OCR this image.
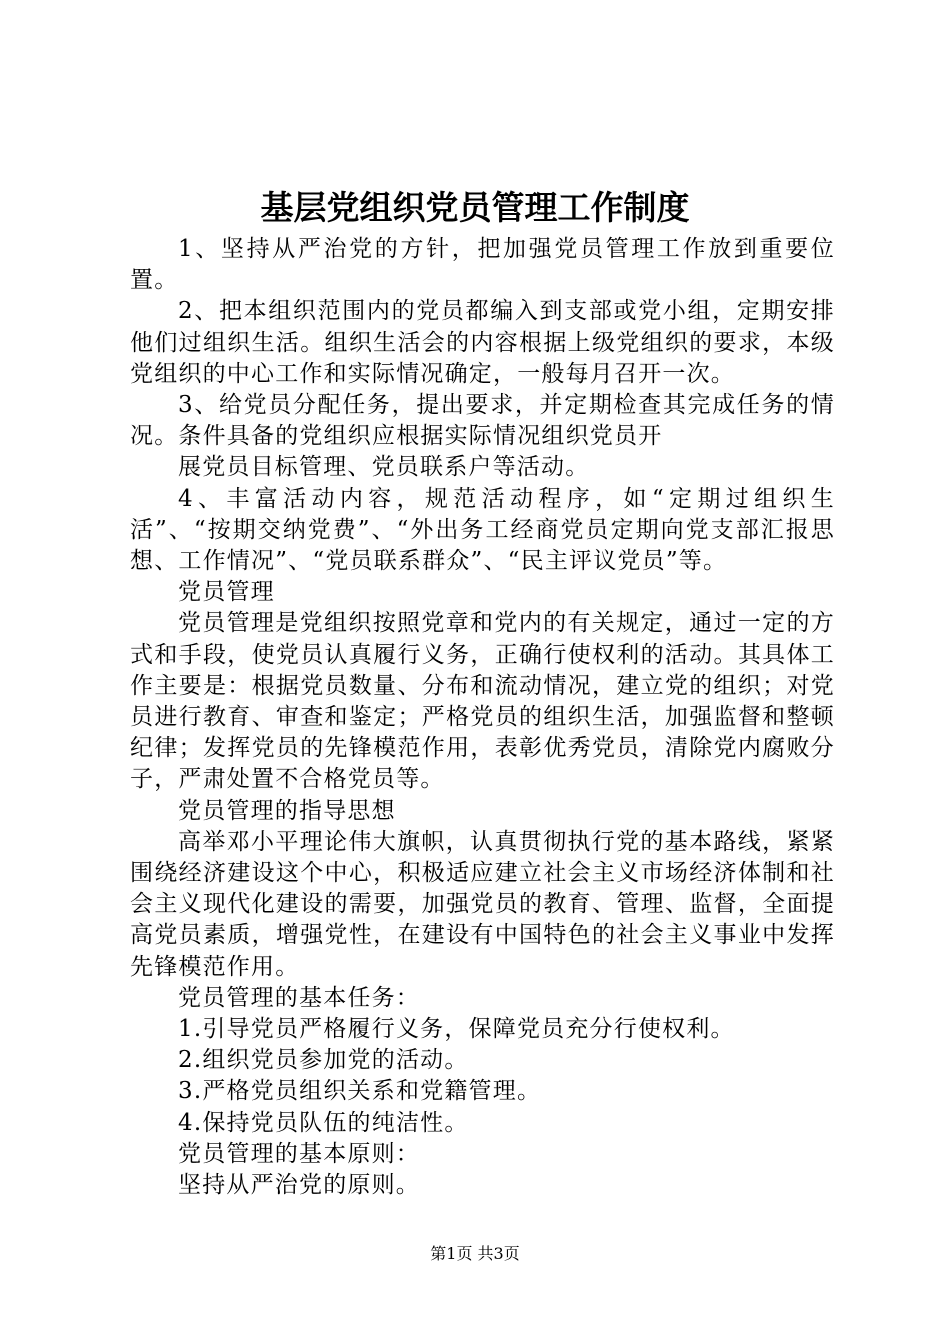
基层党组织党员管理工作制度

1、坚持从严治党的方针，把加强党员管理工作放到重要位置。

2、把本组织范围内的党员都编入到支部或党小组，定期安排他们过组织生活。组织生活会的内容根据上级党组织的要求，本级党组织的中心工作和实际情况确定，一般每月召开一次。

3、给党员分配任务，提出要求，并定期检查其完成任务的情况。条件具备的党组织应根据实际情况组织党员开

展党员目标管理、党员联系户等活动。

4、丰富活动内容，规范活动程序，如“定期过组织生活”、“按期交纳党费”、“外出务工经商党员定期向党支部汇报思想、工作情况”、“党员联系群众”、“民主评议党员”等。

党员管理

党员管理是党组织按照党章和党内的有关规定，通过一定的方式和手段，使党员认真履行义务，正确行使权利的活动。其具体工作主要是：根据党员数量、分布和流动情况，建立党的组织；对党员进行教育、审查和鉴定；严格党员的组织生活，加强监督和整顿纪律；发挥党员的先锋模范作用，表彰优秀党员，清除党内腐败分子，严肃处置不合格党员等。

党员管理的指导思想

高举邓小平理论伟大旗帜，认真贯彻执行党的基本路线，紧紧围绕经济建设这个中心，积极适应建立社会主义市场经济体制和社会主义现代化建设的需要，加强党员的教育、管理、监督，全面提高党员素质，增强党性，在建设有中国特色的社会主义事业中发挥先锋模范作用。

党员管理的基本任务：

1.引导党员严格履行义务，保障党员充分行使权利。

2.组织党员参加党的活动。

3.严格党员组织关系和党籍管理。

4.保持党员队伍的纯洁性。

党员管理的基本原则：

坚持从严治党的原则。

第1页 共3页
